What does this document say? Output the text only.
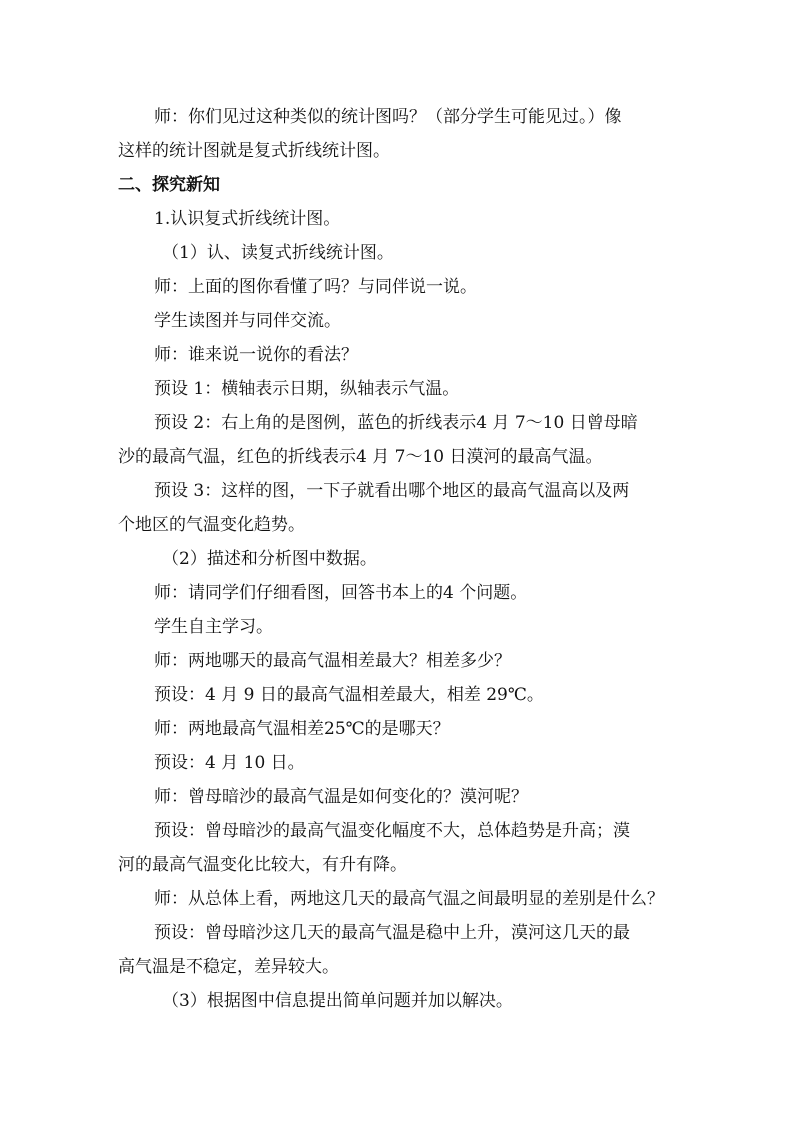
师：你们见过这种类似的统计图吗？（部分学生可能见过。）像

这样的统计图就是复式折线统计图。

二、探究新知

1.认识复式折线统计图。

（1）认、读复式折线统计图。

师：上面的图你看懂了吗？与同伴说一说。

学生读图并与同伴交流。

师：谁来说一说你的看法？

预设 1：横轴表示日期，纵轴表示气温。

预设 2：右上角的是图例，蓝色的折线表示4 月 7～10 日曾母暗

沙的最高气温，红色的折线表示4 月 7～10 日漠河的最高气温。

预设 3：这样的图，一下子就看出哪个地区的最高气温高以及两

个地区的气温变化趋势。

（2）描述和分析图中数据。

师：请同学们仔细看图，回答书本上的4 个问题。

学生自主学习。

师：两地哪天的最高气温相差最大？相差多少？

预设：4 月 9 日的最高气温相差最大，相差 29℃。

师：两地最高气温相差25℃的是哪天？

预设：4 月 10 日。

师：曾母暗沙的最高气温是如何变化的？漠河呢？

预设：曾母暗沙的最高气温变化幅度不大，总体趋势是升高；漠

河的最高气温变化比较大，有升有降。

师：从总体上看，两地这几天的最高气温之间最明显的差别是什么？

预设：曾母暗沙这几天的最高气温是稳中上升，漠河这几天的最

高气温是不稳定，差异较大。

（3）根据图中信息提出简单问题并加以解决。
